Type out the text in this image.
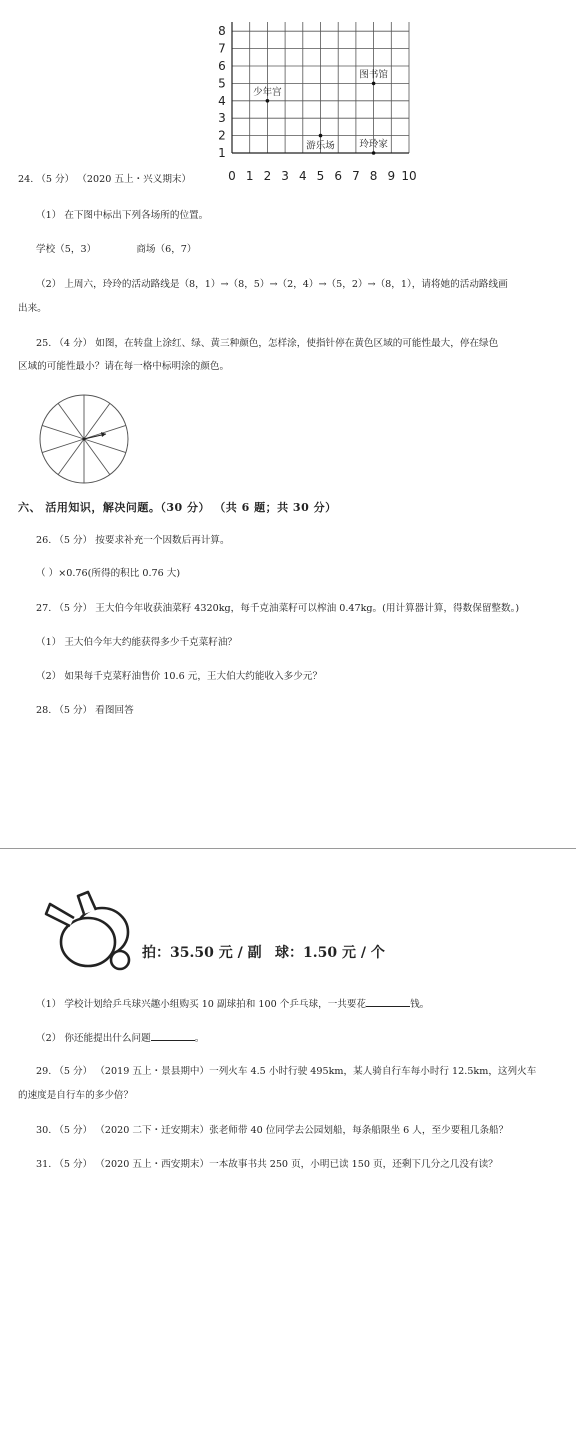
8
7
6
5
4
3
2
1
0 1 2 3 4 5 6 7 8 9 10
少年宫
图书馆
游乐场	玲玲家
24. （5 分） （2020 五上・兴义期末）
（1） 在下图中标出下列各场所的位置。
学校（5，3）	商场（6，7）
（2） 上周六，玲玲的活动路线是（8，1）→（8，5）→（2，4）→（5，2）→（8，1），请将她的活动路线画
出来。
25. （4 分） 如图，在转盘上涂红、绿、黄三种颜色，怎样涂，使指针停在黄色区域的可能性最大，停在绿色
区域的可能性最小？请在每一格中标明涂的颜色。
六、 活用知识，解决问题。（30 分） （共 6 题；共 30 分）
26. （5 分） 按要求补充一个因数后再计算。
（ ）×0.76(所得的积比 0.76 大)
27. （5 分） 王大伯今年收获油菜籽 4320kg，每千克油菜籽可以榨油 0.47kg。(用计算器计算，得数保留整数。)
（1） 王大伯今年大约能获得多少千克菜籽油？
（2） 如果每千克菜籽油售价 10.6 元，王大伯大约能收入多少元？
28. （5 分） 看图回答
拍：35.50 元 / 副 球：1.50 元 / 个
（1） 学校计划给乒乓球兴趣小组购买 10 副球拍和 100 个乒乓球，一共要花	钱。
（2） 你还能提出什么问题	。
29. （5 分） （2019 五上・景县期中）一列火车 4.5 小时行驶 495km，某人骑自行车每小时行 12.5km，这列火车
的速度是自行车的多少倍？
30. （5 分） （2020 二下・迁安期末）张老师带 40 位同学去公园划船，每条船限坐 6 人，至少要租几条船？
31. （5 分） （2020 五上・西安期末）一本故事书共 250 页，小明已读 150 页，还剩下几分之几没有读？
